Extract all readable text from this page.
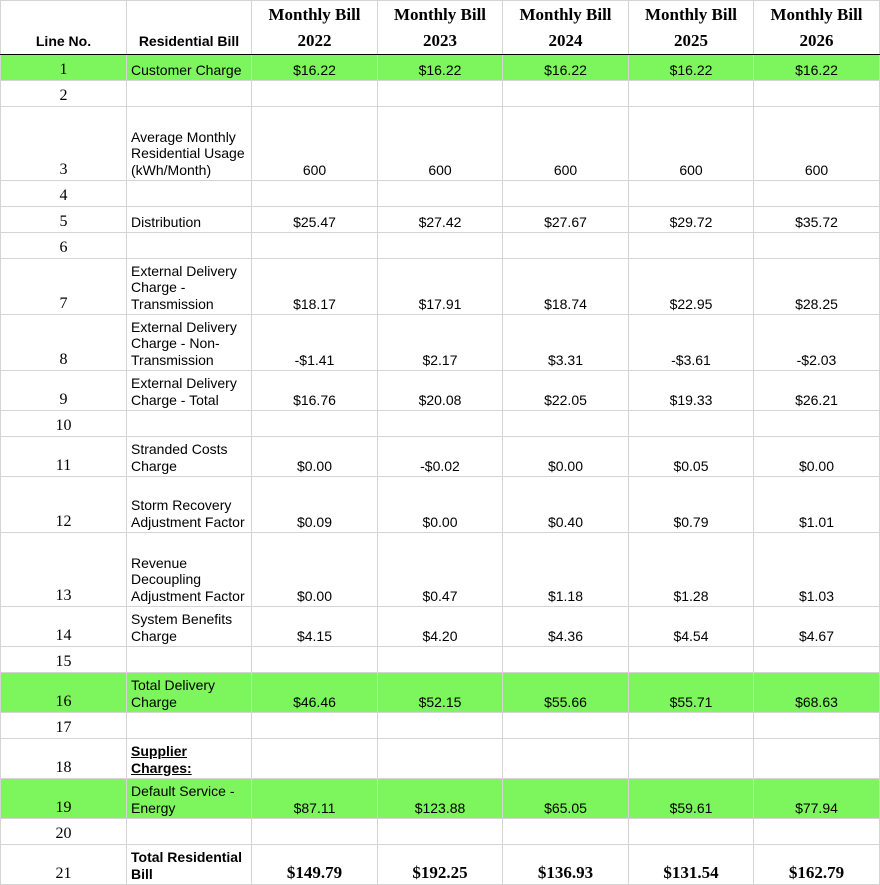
		Monthly Bill	Monthly Bill	Monthly Bill	Monthly Bill	Monthly Bill
Line No.	Residential Bill	2022	2023	2024	2025	2026
1	Customer Charge	$16.22	$16.22	$16.22	$16.22	$16.22
2						
3	Average Monthly Residential Usage (kWh/Month)	600	600	600	600	600
4						
5	Distribution	$25.47	$27.42	$27.67	$29.72	$35.72
6						
7	External Delivery Charge - Transmission	$18.17	$17.91	$18.74	$22.95	$28.25
8	External Delivery Charge - Non-Transmission	-$1.41	$2.17	$3.31	-$3.61	-$2.03
9	External Delivery Charge - Total	$16.76	$20.08	$22.05	$19.33	$26.21
10						
11	Stranded Costs Charge	$0.00	-$0.02	$0.00	$0.05	$0.00
12	Storm Recovery Adjustment Factor	$0.09	$0.00	$0.40	$0.79	$1.01
13	Revenue Decoupling Adjustment Factor	$0.00	$0.47	$1.18	$1.28	$1.03
14	System Benefits Charge	$4.15	$4.20	$4.36	$4.54	$4.67
15						
16	Total Delivery Charge	$46.46	$52.15	$55.66	$55.71	$68.63
17						
18	Supplier Charges:					
19	Default Service - Energy	$87.11	$123.88	$65.05	$59.61	$77.94
20						
21	Total Residential Bill	$149.79	$192.25	$136.93	$131.54	$162.79
